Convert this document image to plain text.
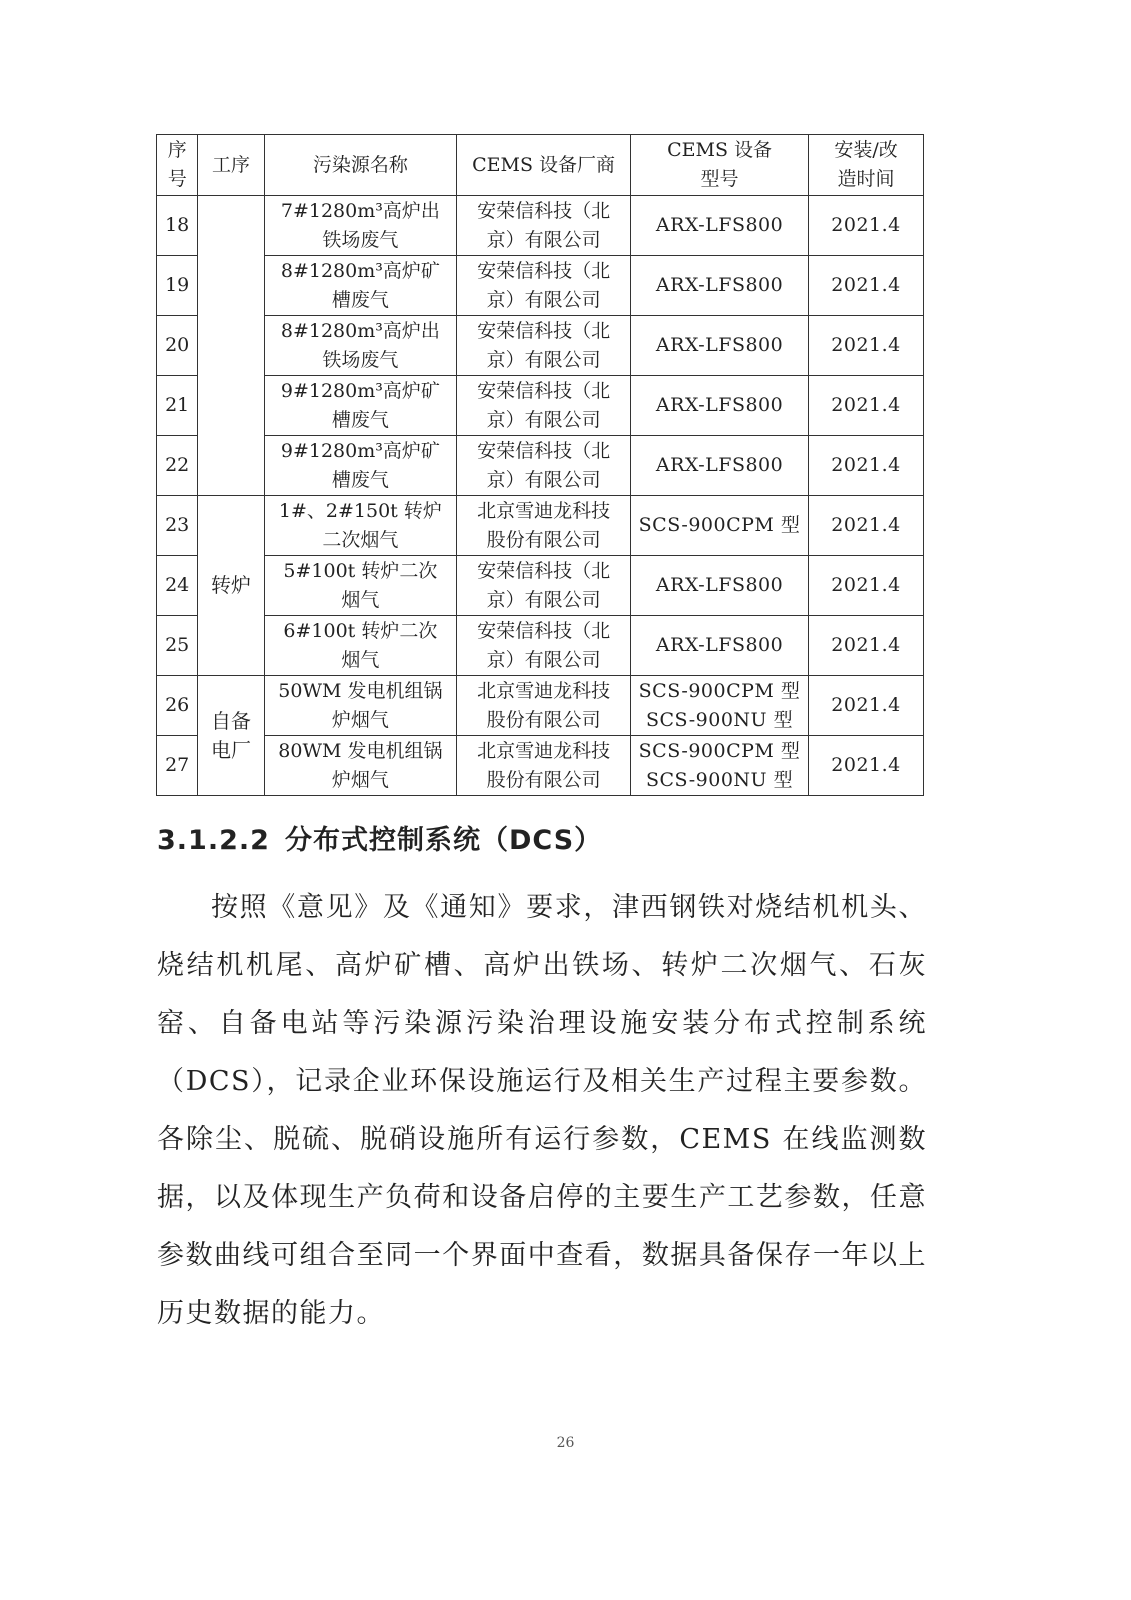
序
号	工序	污染源名称	CEMS 设备厂商	CEMS 设备
型号	安装/改
造时间

18		7#1280m³高炉出
铁场废气	安荣信科技（北
京）有限公司	ARX-LFS800	2021.4
19		8#1280m³高炉矿
槽废气	安荣信科技（北
京）有限公司	ARX-LFS800	2021.4
20		8#1280m³高炉出
铁场废气	安荣信科技（北
京）有限公司	ARX-LFS800	2021.4
21		9#1280m³高炉矿
槽废气	安荣信科技（北
京）有限公司	ARX-LFS800	2021.4
22		9#1280m³高炉矿
槽废气	安荣信科技（北
京）有限公司	ARX-LFS800	2021.4
23	转炉	1#、2#150t 转炉
二次烟气	北京雪迪龙科技
股份有限公司	SCS-900CPM 型	2021.4
24		5#100t 转炉二次
烟气	安荣信科技（北
京）有限公司	ARX-LFS800	2021.4
25		6#100t 转炉二次
烟气	安荣信科技（北
京）有限公司	ARX-LFS800	2021.4
26	自备电厂	50WM 发电机组锅
炉烟气	北京雪迪龙科技
股份有限公司	SCS-900CPM 型
SCS-900NU 型	2021.4
27		80WM 发电机组锅
炉烟气	北京雪迪龙科技
股份有限公司	SCS-900CPM 型
SCS-900NU 型	2021.4
3.1.2.2 分布式控制系统（DCS）

按照《意见》及《通知》要求，津西钢铁对烧结机机头、烧结机机尾、高炉矿槽、高炉出铁场、转炉二次烟气、石灰窑、自备电站等污染源污染治理设施安装分布式控制系统（DCS），记录企业环保设施运行及相关生产过程主要参数。各除尘、脱硫、脱硝设施所有运行参数，CEMS 在线监测数据，以及体现生产负荷和设备启停的主要生产工艺参数，任意参数曲线可组合至同一个界面中查看，数据具备保存一年以上历史数据的能力。

26
